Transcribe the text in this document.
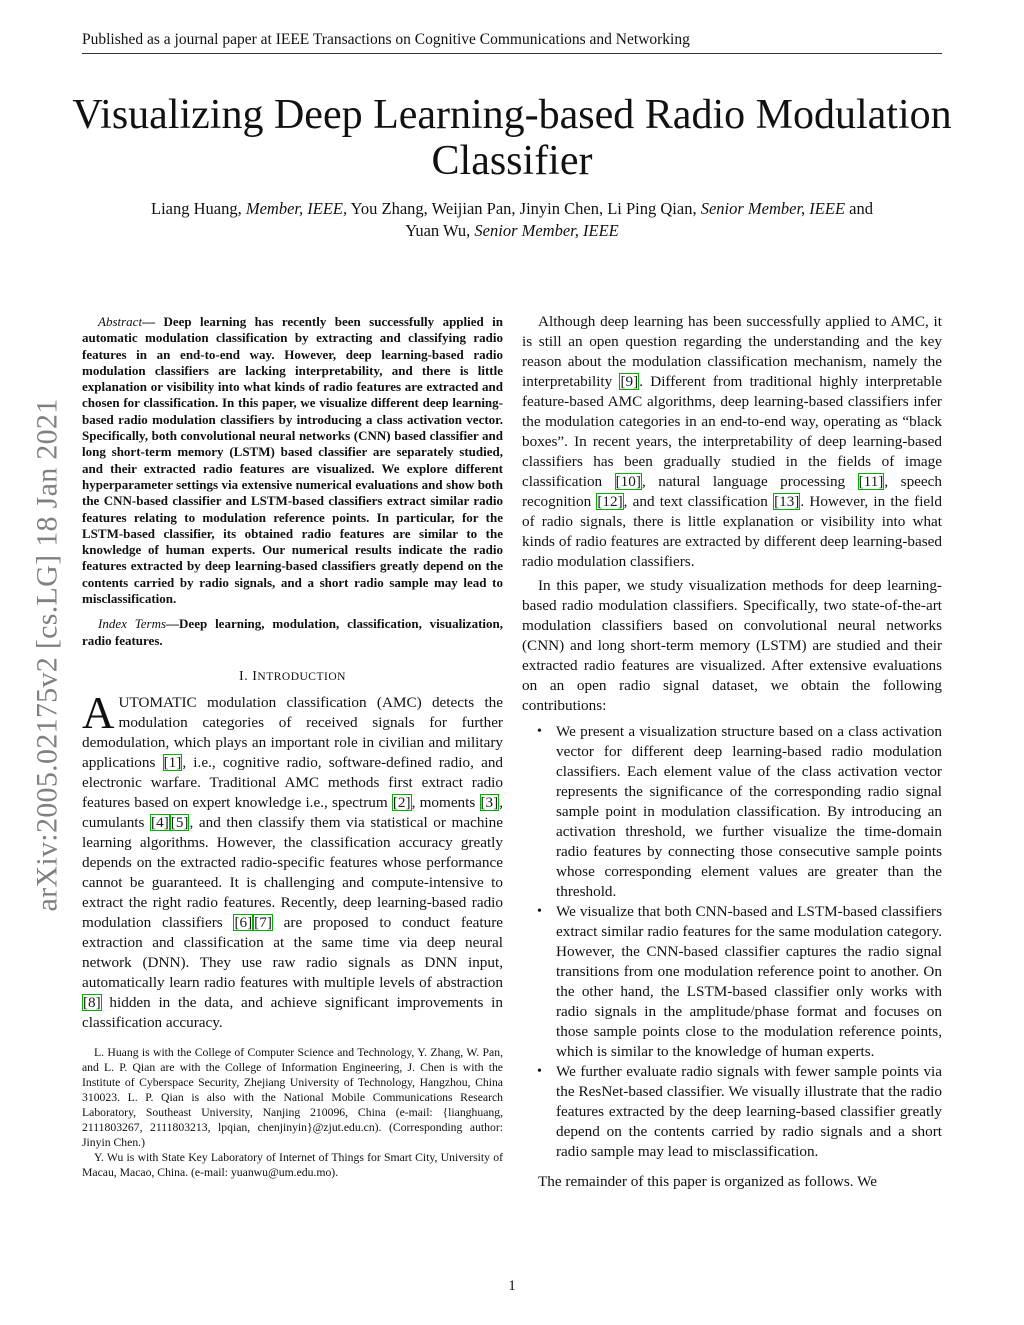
Published as a journal paper at IEEE Transactions on Cognitive Communications and Networking
Visualizing Deep Learning-based Radio Modulation Classifier
Liang Huang, Member, IEEE, You Zhang, Weijian Pan, Jinyin Chen, Li Ping Qian, Senior Member, IEEE and
Yuan Wu, Senior Member, IEEE
arXiv:2005.02175v2 [cs.LG] 18 Jan 2021

Abstract— Deep learning has recently been successfully applied in automatic modulation classification by extracting and classifying radio features in an end-to-end way. However, deep learning-based radio modulation classifiers are lacking interpretability, and there is little explanation or visibility into what kinds of radio features are extracted and chosen for classification. In this paper, we visualize different deep learning-based radio modulation classifiers by introducing a class activation vector. Specifically, both convolutional neural networks (CNN) based classifier and long short-term memory (LSTM) based classifier are separately studied, and their extracted radio features are visualized. We explore different hyperparameter settings via extensive numerical evaluations and show both the CNN-based classifier and LSTM-based classifiers extract similar radio features relating to modulation reference points. In particular, for the LSTM-based classifier, its obtained radio features are similar to the knowledge of human experts. Our numerical results indicate the radio features extracted by deep learning-based classifiers greatly depend on the contents carried by radio signals, and a short radio sample may lead to misclassification.

Index Terms—Deep learning, modulation, classification, visualization, radio features.

I. INTRODUCTION

AUTOMATIC modulation classification (AMC) detects the modulation categories of received signals for further demodulation, which plays an important role in civilian and military applications [1], i.e., cognitive radio, software-defined radio, and electronic warfare. Traditional AMC methods first extract radio features based on expert knowledge i.e., spectrum [2], moments [3], cumulants [4] [5], and then classify them via statistical or machine learning algorithms. However, the classification accuracy greatly depends on the extracted radio-specific features whose performance cannot be guaranteed. It is challenging and compute-intensive to extract the right radio features. Recently, deep learning-based radio modulation classifiers [6] [7] are proposed to conduct feature extraction and classification at the same time via deep neural network (DNN). They use raw radio signals as DNN input, automatically learn radio features with multiple levels of abstraction [8] hidden in the data, and achieve significant improvements in classification accuracy.

L. Huang is with the College of Computer Science and Technology, Y. Zhang, W. Pan, and L. P. Qian are with the College of Information Engineering, J. Chen is with the Institute of Cyberspace Security, Zhejiang University of Technology, Hangzhou, China 310023. L. P. Qian is also with the National Mobile Communications Research Laboratory, Southeast University, Nanjing 210096, China (e-mail: {lianghuang, 2111803267, 2111803213, lpqian, chenjinyin}@zjut.edu.cn). (Corresponding author: Jinyin Chen.)

Y. Wu is with State Key Laboratory of Internet of Things for Smart City, University of Macau, Macao, China. (e-mail: yuanwu@um.edu.mo).

Although deep learning has been successfully applied to AMC, it is still an open question regarding the understanding and the key reason about the modulation classification mechanism, namely the interpretability [9]. Different from traditional highly interpretable feature-based AMC algorithms, deep learning-based classifiers infer the modulation categories in an end-to-end way, operating as “black boxes”. In recent years, the interpretability of deep learning-based classifiers has been gradually studied in the fields of image classification [10], natural language processing [11], speech recognition [12], and text classification [13]. However, in the field of radio signals, there is little explanation or visibility into what kinds of radio features are extracted by different deep learning-based radio modulation classifiers.

In this paper, we study visualization methods for deep learning-based radio modulation classifiers. Specifically, two state-of-the-art modulation classifiers based on convolutional neural networks (CNN) and long short-term memory (LSTM) are studied and their extracted radio features are visualized. After extensive evaluations on an open radio signal dataset, we obtain the following contributions:

• We present a visualization structure based on a class activation vector for different deep learning-based radio modulation classifiers. Each element value of the class activation vector represents the significance of the corresponding radio signal sample point in modulation classification. By introducing an activation threshold, we further visualize the time-domain radio features by connecting those consecutive sample points whose corresponding element values are greater than the threshold.
• We visualize that both CNN-based and LSTM-based classifiers extract similar radio features for the same modulation category. However, the CNN-based classifier captures the radio signal transitions from one modulation reference point to another. On the other hand, the LSTM-based classifier only works with radio signals in the amplitude/phase format and focuses on those sample points close to the modulation reference points, which is similar to the knowledge of human experts.
• We further evaluate radio signals with fewer sample points via the ResNet-based classifier. We visually illustrate that the radio features extracted by the deep learning-based classifier greatly depend on the contents carried by radio signals and a short radio sample may lead to misclassification.

The remainder of this paper is organized as follows. We

1
